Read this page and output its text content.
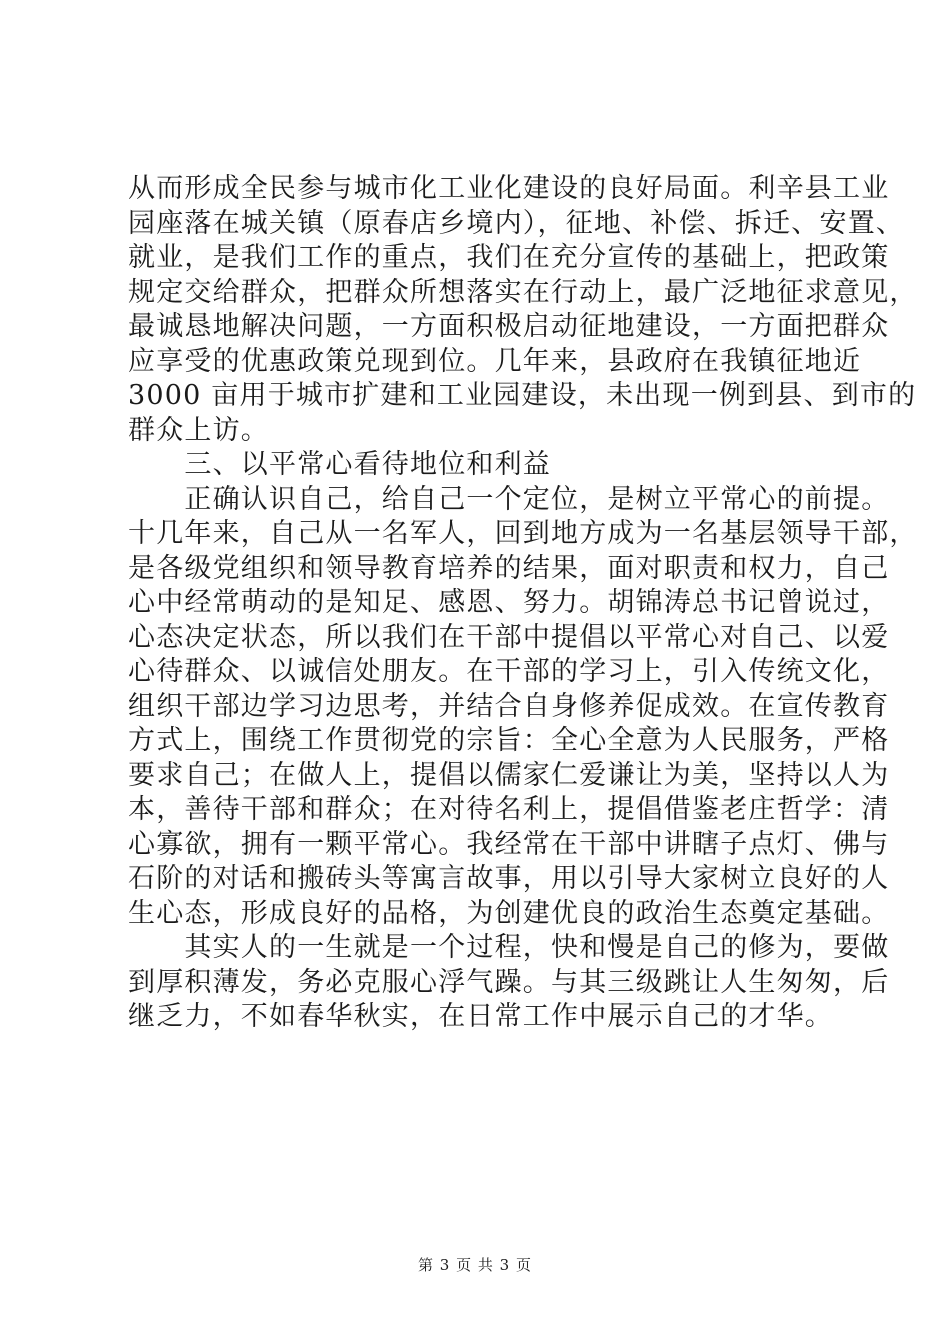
从而形成全民参与城市化工业化建设的良好局面。利辛县工业
园座落在城关镇（原春店乡境内），征地、补偿、拆迁、安置、
就业，是我们工作的重点，我们在充分宣传的基础上，把政策
规定交给群众，把群众所想落实在行动上，最广泛地征求意见，
最诚恳地解决问题，一方面积极启动征地建设，一方面把群众
应享受的优惠政策兑现到位。几年来，县政府在我镇征地近
3000 亩用于城市扩建和工业园建设，未出现一例到县、到市的
群众上访。
　　三、以平常心看待地位和利益
　　正确认识自己，给自己一个定位，是树立平常心的前提。
十几年来，自己从一名军人，回到地方成为一名基层领导干部，
是各级党组织和领导教育培养的结果，面对职责和权力，自己
心中经常萌动的是知足、感恩、努力。胡锦涛总书记曾说过，
心态决定状态，所以我们在干部中提倡以平常心对自己、以爱
心待群众、以诚信处朋友。在干部的学习上，引入传统文化，
组织干部边学习边思考，并结合自身修养促成效。在宣传教育
方式上，围绕工作贯彻党的宗旨：全心全意为人民服务，严格
要求自己；在做人上，提倡以儒家仁爱谦让为美，坚持以人为
本，善待干部和群众；在对待名利上，提倡借鉴老庄哲学：清
心寡欲，拥有一颗平常心。我经常在干部中讲瞎子点灯、佛与
石阶的对话和搬砖头等寓言故事，用以引导大家树立良好的人
生心态，形成良好的品格，为创建优良的政治生态奠定基础。
　　其实人的一生就是一个过程，快和慢是自己的修为，要做
到厚积薄发，务必克服心浮气躁。与其三级跳让人生匆匆，后
继乏力，不如春华秋实，在日常工作中展示自己的才华。
第 3 页 共 3 页
